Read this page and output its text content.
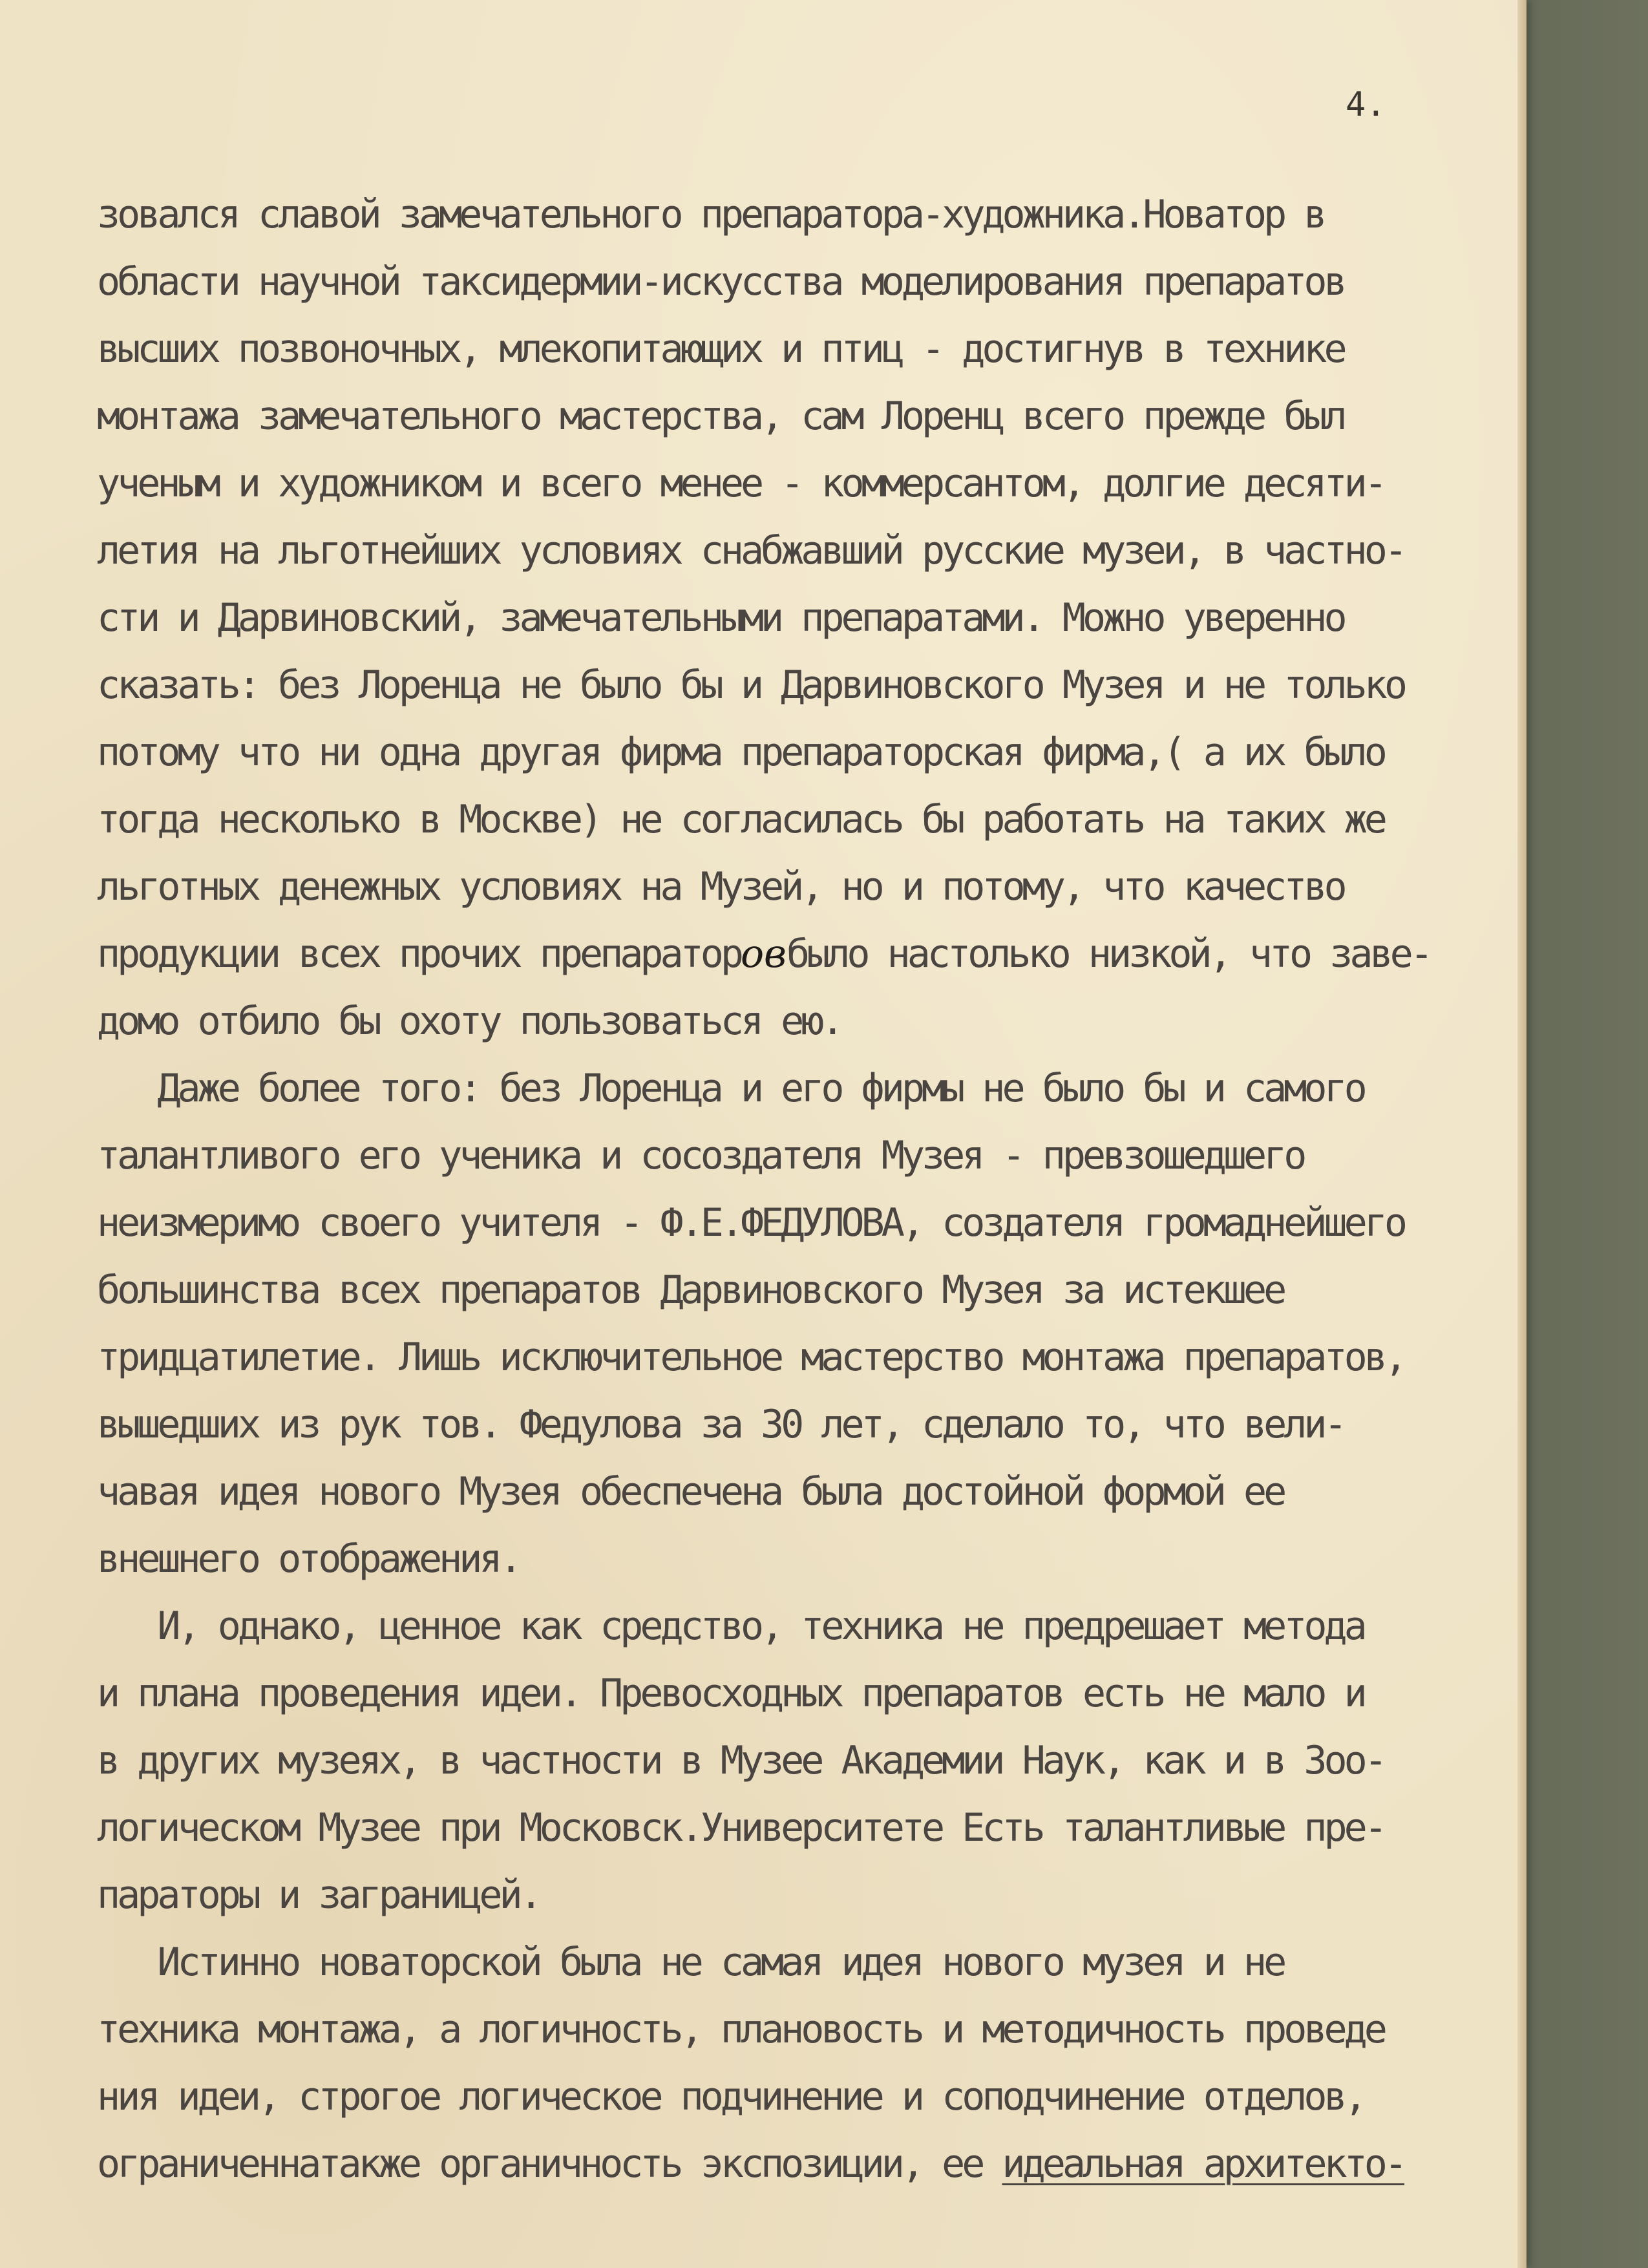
4.
зовался славой замечательного препаратора-художника.Новатор в
области научной таксидермии-искусства моделирования препаратов
высших позвоночных, млекопитающих и птиц - достигнув в технике
монтажа замечательного мастерства, сам Лоренц всего прежде был
ученым и художником и всего менее - коммерсантом, долгие десяти-
летия на льготнейших условиях снабжавший русские музеи, в частно-
сти и Дарвиновский, замечательными препаратами. Можно уверенно
сказать: без Лоренца не было бы и Дарвиновского Музея и не только
потому что ни одна другая фирма препараторская фирма,( а их было
тогда несколько в Москве) не согласилась бы работать на таких же
льготных денежных условиях на Музей, но и потому, что качество
продукции всех прочих препараторовбыло настолько низкой, что заве-
домо отбило бы охоту пользоваться ею.
Даже более того: без Лоренца и его фирмы не было бы и самого
талантливого его ученика и сосоздателя Музея - превзошедшего
неизмеримо своего учителя - Ф.Е.ФЕДУЛОВА, создателя громаднейшего
большинства всех препаратов Дарвиновского Музея за истекшее
тридцатилетие. Лишь исключительное мастерство монтажа препаратов,
вышедших из рук тов. Федулова за 30 лет, сделало то, что вели-
чавая идея нового Музея обеспечена была достойной формой ее
внешнего отображения.
И, однако, ценное как средство, техника не предрешает метода
и плана проведения идеи. Превосходных препаратов есть не мало и
в других музеях, в частности в Музее Академии Наук, как и в Зоо-
логическом Музее при Московск.Университете Есть талантливые пре-
параторы и заграницей.
Истинно новаторской была не самая идея нового музея и не
техника монтажа, а логичность, плановость и методичность проведе
ния идеи, строгое логическое подчинение и соподчинение отделов,
ограниченнатакже органичность экспозиции, ее идеальная архитекто-
